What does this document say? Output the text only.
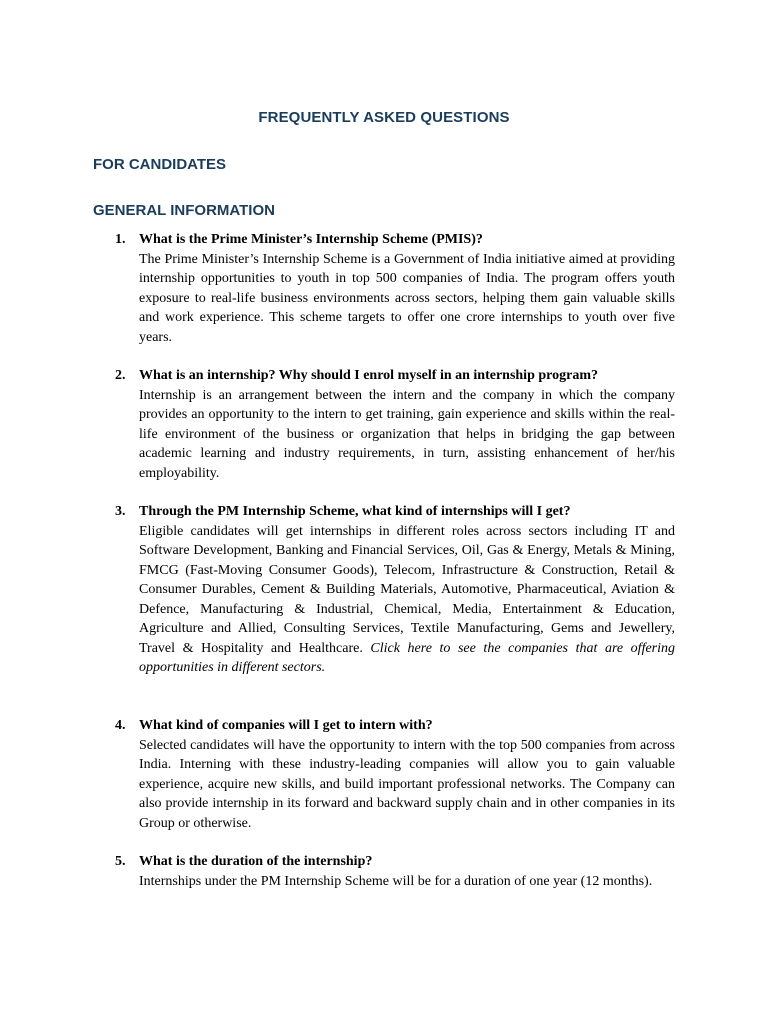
FREQUENTLY ASKED QUESTIONS
FOR CANDIDATES
GENERAL INFORMATION
1. What is the Prime Minister’s Internship Scheme (PMIS)?
The Prime Minister’s Internship Scheme is a Government of India initiative aimed at providing internship opportunities to youth in top 500 companies of India. The program offers youth exposure to real-life business environments across sectors, helping them gain valuable skills and work experience. This scheme targets to offer one crore internships to youth over five years.
2. What is an internship? Why should I enrol myself in an internship program?
Internship is an arrangement between the intern and the company in which the company provides an opportunity to the intern to get training, gain experience and skills within the real-life environment of the business or organization that helps in bridging the gap between academic learning and industry requirements, in turn, assisting enhancement of her/his employability.
3. Through the PM Internship Scheme, what kind of internships will I get?
Eligible candidates will get internships in different roles across sectors including IT and Software Development, Banking and Financial Services, Oil, Gas & Energy, Metals & Mining, FMCG (Fast-Moving Consumer Goods), Telecom, Infrastructure & Construction, Retail & Consumer Durables, Cement & Building Materials, Automotive, Pharmaceutical, Aviation & Defence, Manufacturing & Industrial, Chemical, Media, Entertainment & Education, Agriculture and Allied, Consulting Services, Textile Manufacturing, Gems and Jewellery, Travel & Hospitality and Healthcare. Click here to see the companies that are offering opportunities in different sectors.
4. What kind of companies will I get to intern with?
Selected candidates will have the opportunity to intern with the top 500 companies from across India. Interning with these industry-leading companies will allow you to gain valuable experience, acquire new skills, and build important professional networks. The Company can also provide internship in its forward and backward supply chain and in other companies in its Group or otherwise.
5. What is the duration of the internship?
Internships under the PM Internship Scheme will be for a duration of one year (12 months).
